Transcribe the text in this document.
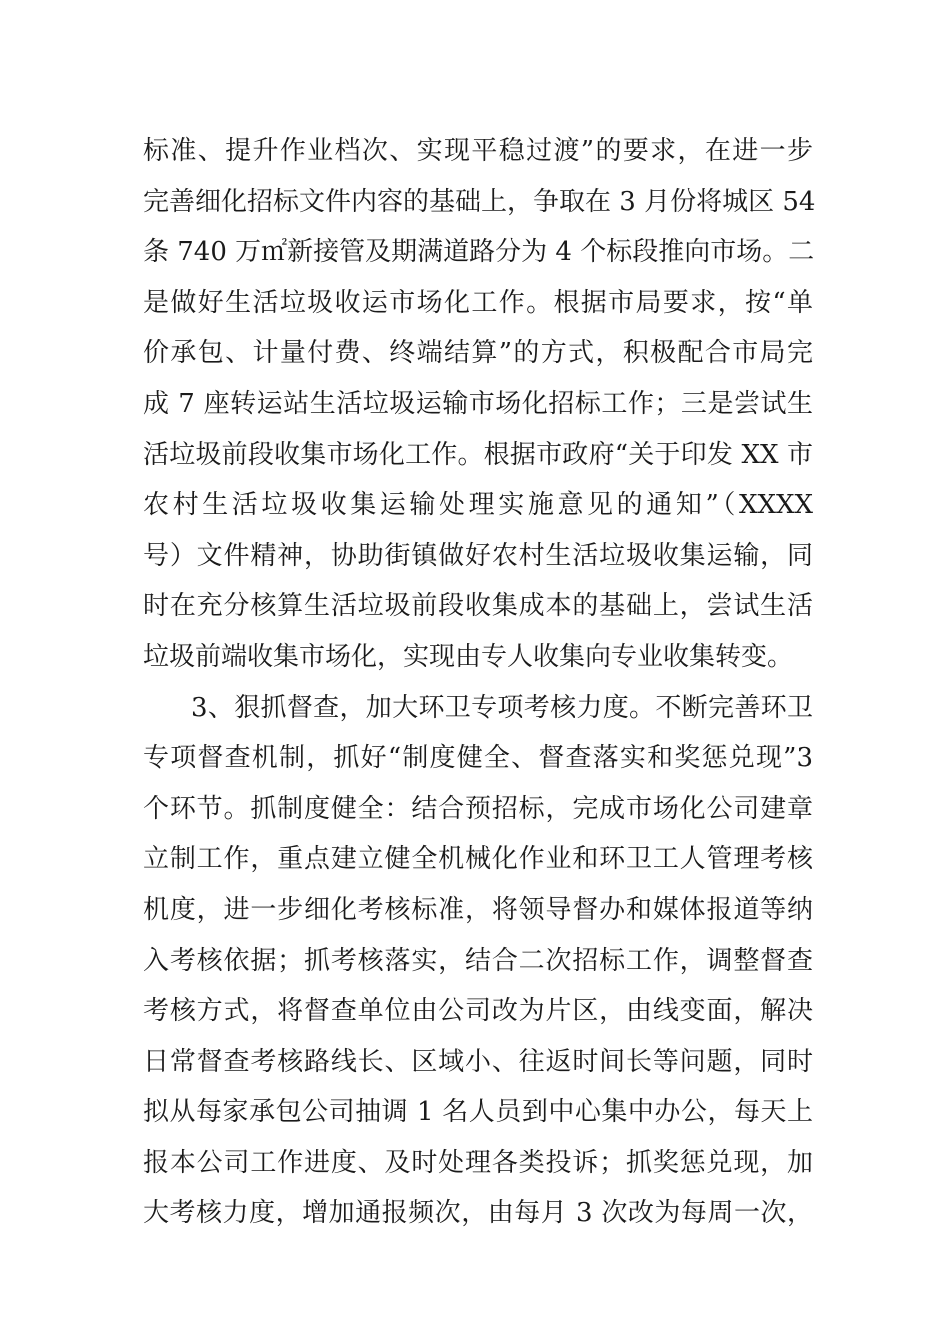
标准、提升作业档次、实现平稳过渡”的要求，在进一步
完善细化招标文件内容的基础上，争取在 3 月份将城区 54
条 740 万㎡新接管及期满道路分为 4 个标段推向市场。二
是做好生活垃圾收运市场化工作。根据市局要求，按“单
价承包、计量付费、终端结算”的方式，积极配合市局完
成 7 座转运站生活垃圾运输市场化招标工作；三是尝试生
活垃圾前段收集市场化工作。根据市政府“关于印发 XX 市
农村生活垃圾收集运输处理实施意见的通知”（XXXX
号）文件精神，协助街镇做好农村生活垃圾收集运输，同
时在充分核算生活垃圾前段收集成本的基础上，尝试生活
垃圾前端收集市场化，实现由专人收集向专业收集转变。
3、狠抓督查，加大环卫专项考核力度。不断完善环卫
专项督查机制，抓好“制度健全、督查落实和奖惩兑现”3
个环节。抓制度健全：结合预招标，完成市场化公司建章
立制工作，重点建立健全机械化作业和环卫工人管理考核
机度，进一步细化考核标准，将领导督办和媒体报道等纳
入考核依据；抓考核落实，结合二次招标工作，调整督查
考核方式，将督查单位由公司改为片区，由线变面，解决
日常督查考核路线长、区域小、往返时间长等问题，同时
拟从每家承包公司抽调 1 名人员到中心集中办公，每天上
报本公司工作进度、及时处理各类投诉；抓奖惩兑现，加
大考核力度，增加通报频次，由每月 3 次改为每周一次，
